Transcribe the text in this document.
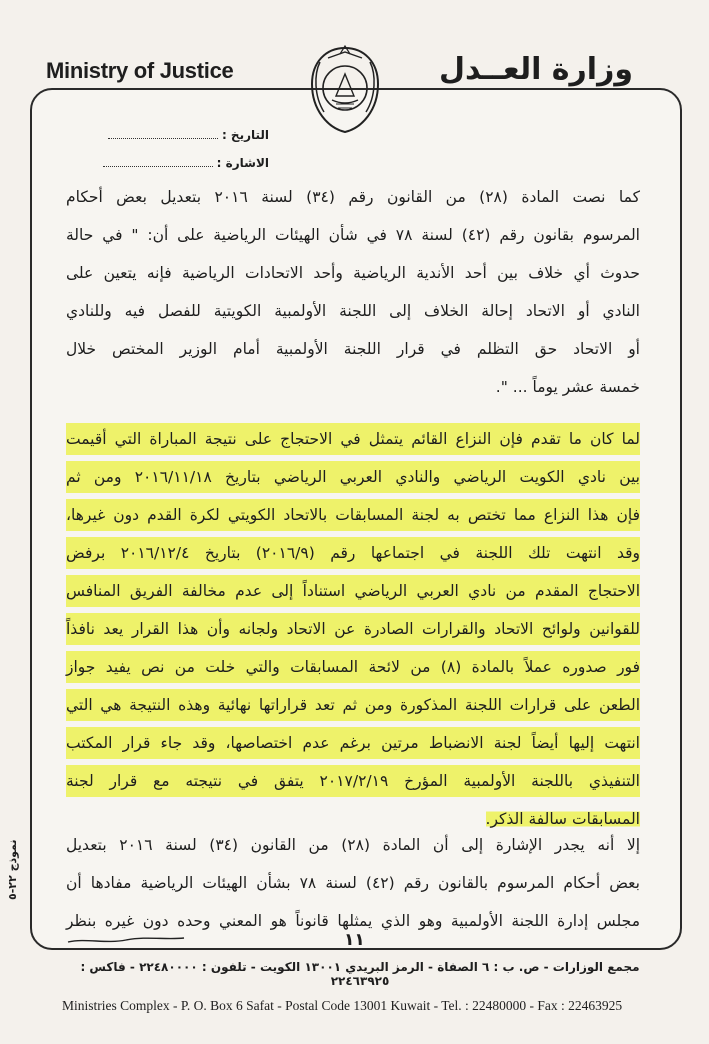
Ministry of Justice	وزارة العــدل
التاريخ :
الاشارة :
كما نصت المادة (٢٨) من القانون رقم (٣٤) لسنة ٢٠١٦ بتعديل بعض أحكام
المرسوم بقانون رقم (٤٢) لسنة ٧٨ في شأن الهيئات الرياضية على أن: " في حالة
حدوث أي خلاف بين أحد الأندية الرياضية وأحد الاتحادات الرياضية فإنه يتعين على
النادي أو الاتحاد إحالة الخلاف إلى اللجنة الأولمبية الكويتية للفصل فيه وللنادي
أو الاتحاد حق التظلم في قرار اللجنة الأولمبية أمام الوزير المختص خلال
خمسة عشر يوماً ... ".
لما كان ما تقدم فإن النزاع القائم يتمثل في الاحتجاج على نتيجة المباراة التي أقيمت
بين نادي الكويت الرياضي والنادي العربي الرياضي بتاريخ ٢٠١٦/١١/١٨ ومن ثم
فإن هذا النزاع مما تختص به لجنة المسابقات بالاتحاد الكويتي لكرة القدم دون غيرها،
وقد انتهت تلك اللجنة في اجتماعها رقم (٢٠١٦/٩) بتاريخ ٢٠١٦/١٢/٤ برفض
الاحتجاج المقدم من نادي العربي الرياضي استناداً إلى عدم مخالفة الفريق المنافس
للقوانين ولوائح الاتحاد والقرارات الصادرة عن الاتحاد ولجانه وأن هذا القرار يعد نافذاً
فور صدوره عملاً بالمادة (٨) من لائحة المسابقات والتي خلت من نص يفيد جواز
الطعن على قرارات اللجنة المذكورة ومن ثم تعد قراراتها نهائية وهذه النتيجة هي التي
انتهت إليها أيضاً لجنة الانضباط مرتين برغم عدم اختصاصها، وقد جاء قرار المكتب
التنفيذي باللجنة الأولمبية المؤرخ ٢٠١٧/٢/١٩ يتفق في نتيجته مع قرار لجنة
المسابقات سالفة الذكر.
إلا أنه يجدر الإشارة إلى أن المادة (٢٨) من القانون (٣٤) لسنة ٢٠١٦ بتعديل
بعض أحكام المرسوم بالقانون رقم (٤٢) لسنة ٧٨ بشأن الهيئات الرياضية مفادها أن
مجلس إدارة اللجنة الأولمبية وهو الذي يمثلها قانوناً هو المعني وحده دون غيره بنظر
١١
نموذج ٢٢-٥
مجمع الوزارات - ص. ب : ٦ الصفاة - الرمز البريدي ١٣٠٠١ الكويت - تلفون : ٢٢٤٨٠٠٠٠ - فاكس : ٢٢٤٦٣٩٢٥
Ministries Complex - P. O. Box 6 Safat - Postal Code 13001 Kuwait - Tel. : 22480000 - Fax : 22463925
